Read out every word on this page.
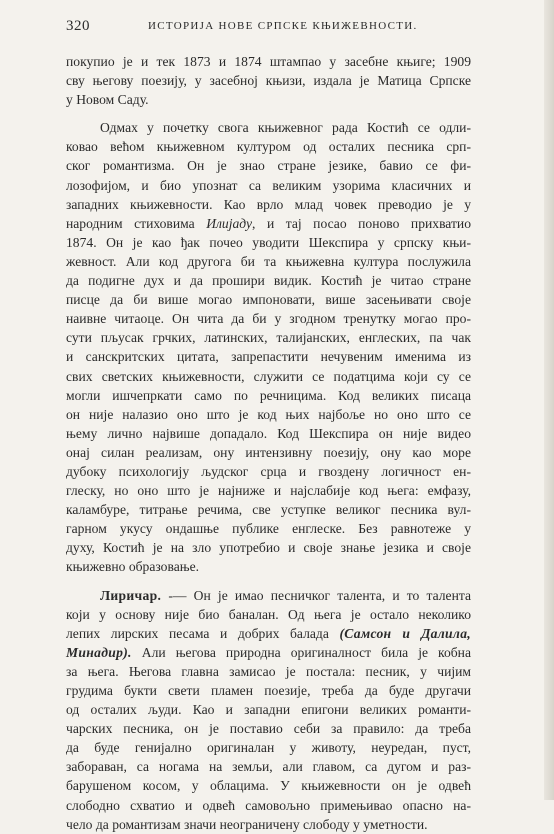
320	ИСТОРИЈА НОВЕ СРПСКЕ КЊИЖЕВНОСТИ.

покупио је и тек 1873 и 1874 штампао у засебне књиге; 1909
сву његову поезију, у засебној књизи, издала је Матица Српске
у Новом Саду.

Одмах у почетку свога књижевног рада Костић се одли-
ковао већом књижевном културом од осталих песника срп-
ског романтизма. Он је знао стране језике, бавио се фи-
лозофијом, и био упознат са великим узорима класичних и
западних књижевности. Као врло млад човек преводио је у
народним стиховима Илијаду, и тај посао поново прихватио
1874. Он је као ђак почео уводити Шекспира у српску књи-
жевност. Али код другога би та књижевна култура послужила
да подигне дух и да прошири видик. Костић је читао стране
писце да би више могао импоновати, више засењивати своје
наивне читаоце. Он чита да би у згодном тренутку могао про-
сути пљусак грчких, латинских, талијанских, енглеских, па чак
и санскритских цитата, запрепастити нечувеним именима из
свих светских књижевности, служити се податцима који су се
могли ишчепркати само по речницима. Код великих писаца
он није налазио оно што је код њих најбоље но оно што се
њему лично највише допадало. Код Шекспира он није видео
онај силан реализам, ону интензивну поезију, ону као море
дубоку психологију људског срца и гвоздену логичност ен-
глеску, но оно што је најниже и најслабије код њега: емфазу,
каламбуре, титрање речима, све уступке великог песника вул-
гарном укусу ондашње публике енглеске. Без равнотеже у
духу, Костић је на зло употребио и своје знање језика и своје
књижевно образовање.

Лиричар. -— Он је имао песничког талента, и то талента
који у основу није био баналан. Од њега је остало неколико
лепих лирских песама и добрих балада (Самсон и Далила,
Минадир). Али његова природна оригиналност била је кобна
за њега. Његова главна замисао је постала: песник, у чијим
грудима букти свети пламен поезије, треба да буде другачи
од осталих људи. Као и западни епигони великих романти-
чарских песника, он је поставио себи за правило: да треба
да буде генијално оригиналан у животу, неуредан, пуст,
забораван, са ногама на земљи, али главом, са дугом и раз-
барушеном косом, у облацима. У књижевности он је одвећ
слободно схватио и одвећ самовољно примењивао опасно на-
чело да романтизам значи неограничену слободу у уметности.
